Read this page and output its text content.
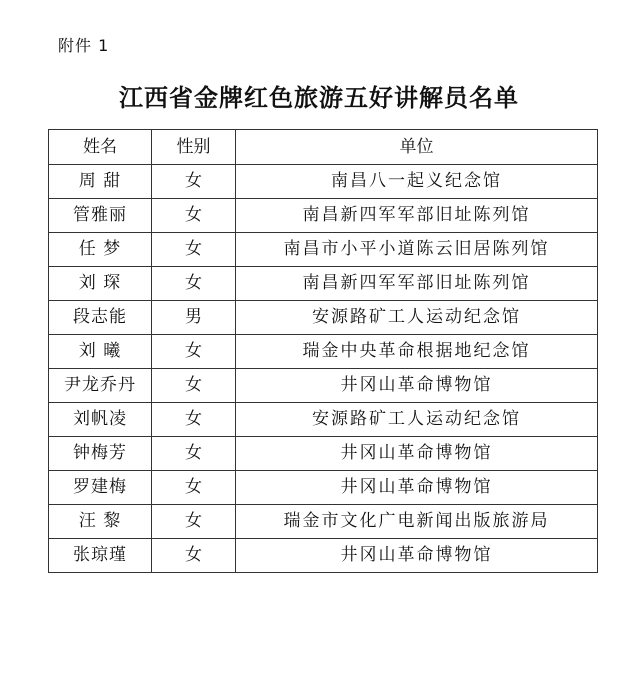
附件 1
江西省金牌红色旅游五好讲解员名单
姓名	性别	单位
周 甜	女	南昌八一起义纪念馆
管雅丽	女	南昌新四军军部旧址陈列馆
任 梦	女	南昌市小平小道陈云旧居陈列馆
刘 琛	女	南昌新四军军部旧址陈列馆
段志能	男	安源路矿工人运动纪念馆
刘 曦	女	瑞金中央革命根据地纪念馆
尹龙乔丹	女	井冈山革命博物馆
刘帆凌	女	安源路矿工人运动纪念馆
钟梅芳	女	井冈山革命博物馆
罗建梅	女	井冈山革命博物馆
汪 黎	女	瑞金市文化广电新闻出版旅游局
张琼瑾	女	井冈山革命博物馆
